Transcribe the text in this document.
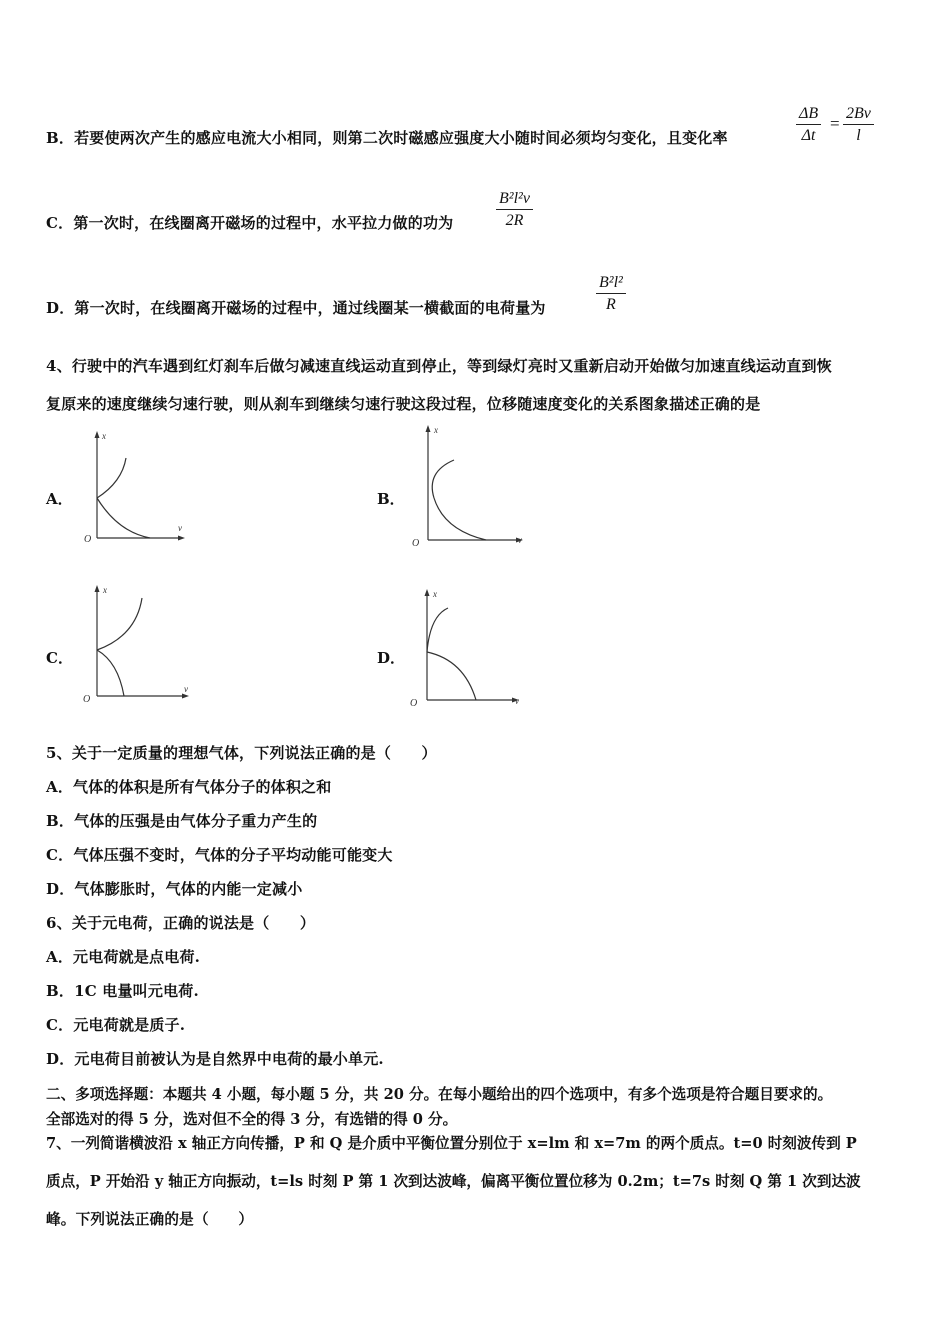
B．若要使两次产生的感应电流大小相同，则第二次时磁感应强度大小随时间必须均匀变化，且变化率	$\frac{\Delta B}{\Delta t} = \frac{2Bv}{l}$
C．第一次时，在线圈离开磁场的过程中，水平拉力做的功为	$\frac{\text{B²l²v}}{2R}$
D．第一次时，在线圈离开磁场的过程中，通过线圈某一横截面的电荷量为	$\frac{\text{B²l²}}{R}$
4、行驶中的汽车遇到红灯刹车后做匀减速直线运动直到停止，等到绿灯亮时又重新启动开始做匀加速直线运动直到恢
复原来的速度继续匀速行驶，则从刹车到继续匀速行驶这段过程，位移随速度变化的关系图象描述正确的是
A．	B．
C．	D．
x
v
O
x
v
O
x
v
O
x
v
O
5、关于一定质量的理想气体，下列说法正确的是（　　）
A．气体的体积是所有气体分子的体积之和
B．气体的压强是由气体分子重力产生的
C．气体压强不变时，气体的分子平均动能可能变大
D．气体膨胀时，气体的内能一定减小
6、关于元电荷，正确的说法是（　　）
A．元电荷就是点电荷.
B．1C 电量叫元电荷.
C．元电荷就是质子.
D．元电荷目前被认为是自然界中电荷的最小单元.
二、多项选择题：本题共 4 小题，每小题 5 分，共 20 分。在每小题给出的四个选项中，有多个选项是符合题目要求的。
全部选对的得 5 分，选对但不全的得 3 分，有选错的得 0 分。
7、一列简谐横波沿 x 轴正方向传播，P 和 Q 是介质中平衡位置分别位于 x=lm 和 x=7m 的两个质点。t=0 时刻波传到 P
质点，P 开始沿 y 轴正方向振动，t=ls 时刻 P 第 1 次到达波峰，偏离平衡位置位移为 0.2m；t=7s 时刻 Q 第 1 次到达波
峰。下列说法正确的是（　　）
